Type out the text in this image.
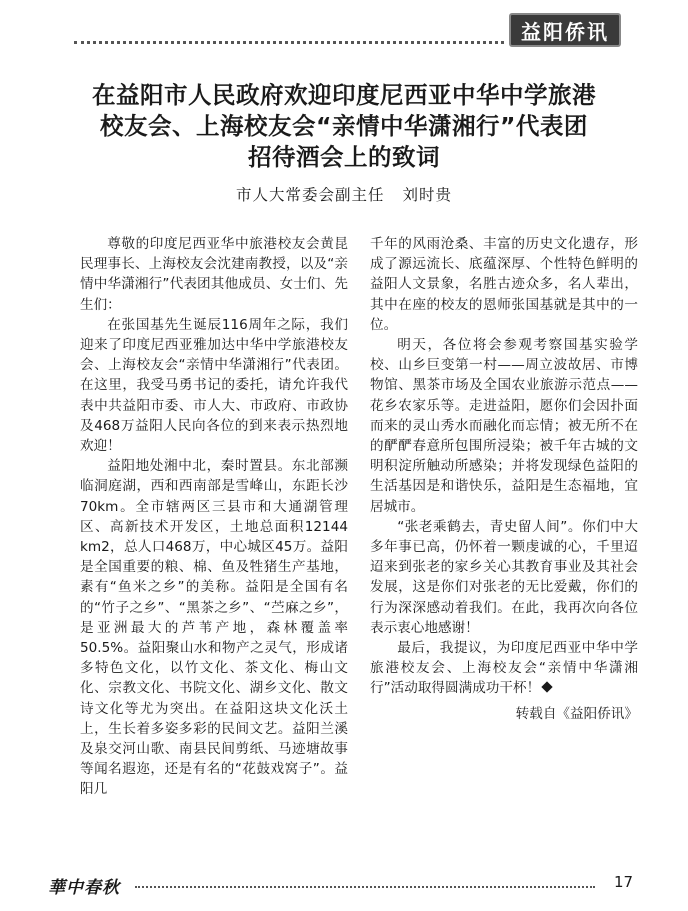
益阳侨讯
在益阳市人民政府欢迎印度尼西亚中华中学旅港
校友会、上海校友会“亲情中华潇湘行”代表团
招待酒会上的致词
市人大常委会副主任 刘时贵

尊敬的印度尼西亚华中旅港校友会黄昆民理事长、上海校友会沈建南教授，以及“亲情中华潇湘行”代表团其他成员、女士们、先生们：

在张国基先生诞辰116周年之际，我们迎来了印度尼西亚雅加达中华中学旅港校友会、上海校友会“亲情中华潇湘行”代表团。在这里，我受马勇书记的委托，请允许我代表中共益阳市委、市人大、市政府、市政协及468万益阳人民向各位的到来表示热烈地欢迎！

益阳地处湘中北，秦时置县。东北部濒临洞庭湖，西和西南部是雪峰山，东距长沙70km。全市辖两区三县市和大通湖管理区、高新技术开发区，土地总面积12144　km2，总人口468万，中心城区45万。益阳是全国重要的粮、棉、鱼及牲猪生产基地，素有“鱼米之乡”的美称。益阳是全国有名的“竹子之乡”、“黑茶之乡”、“苎麻之乡”，是亚洲最大的芦苇产地，森林覆盖率50.5%。益阳聚山水和物产之灵气，形成诸多特色文化，以竹文化、茶文化、梅山文化、宗教文化、书院文化、湖乡文化、散文诗文化等尤为突出。在益阳这块文化沃土上，生长着多姿多彩的民间文艺。益阳兰溪及泉交河山歌、南县民间剪纸、马迹塘故事等闻名遐迩，还是有名的“花鼓戏窝子”。益阳几

千年的风雨沧桑、丰富的历史文化遗存，形成了源远流长、底蕴深厚、个性特色鲜明的益阳人文景象，名胜古迹众多，名人辈出，其中在座的校友的恩师张国基就是其中的一位。

明天，各位将会参观考察国基实验学校、山乡巨变第一村——周立波故居、市博物馆、黑茶市场及全国农业旅游示范点——花乡农家乐等。走进益阳，愿你们会因扑面而来的灵山秀水而融化而忘情；被无所不在的酽酽春意所包围所浸染；被千年古城的文明积淀所触动所感染；并将发现绿色益阳的生活基因是和谐快乐，益阳是生态福地，宜居城市。

“张老乘鹤去，青史留人间”。你们中大多年事已高，仍怀着一颗虔诚的心，千里迢迢来到张老的家乡关心其教育事业及其社会发展，这是你们对张老的无比爱戴，你们的行为深深感动着我们。在此，我再次向各位表示衷心地感谢！

最后，我提议，为印度尼西亚中华中学旅港校友会、上海校友会“亲情中华潇湘行”活动取得圆满成功干杯！

转载自《益阳侨讯》

華中春秋	17
